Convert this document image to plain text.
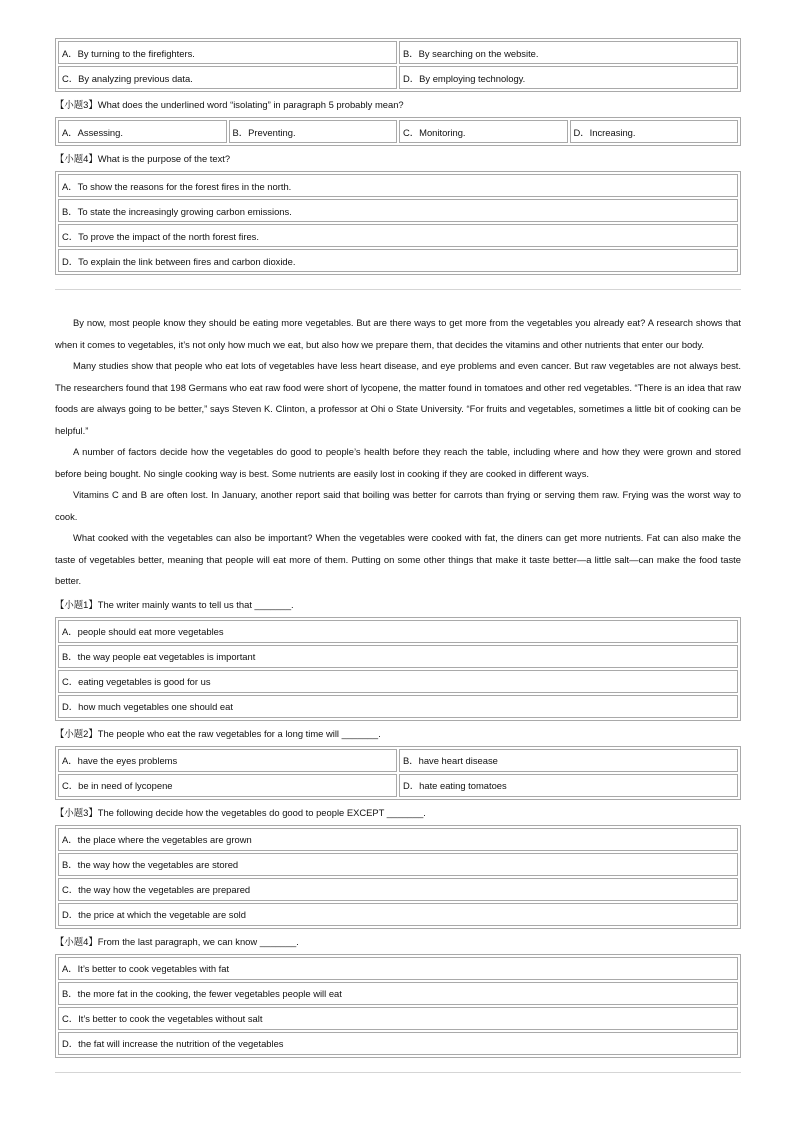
A．By turning to the firefighters.	B．By searching on the website.
C．By analyzing previous data.	D．By employing technology.
【小题3】What does the underlined word “isolating” in paragraph 5 probably mean?
A．Assessing.	B．Preventing.	C．Monitoring.	D．Increasing.
【小题4】What is the purpose of the text?
A．To show the reasons for the forest fires in the north.
B．To state the increasingly growing carbon emissions.
C．To prove the impact of the north forest fires.
D．To explain the link between fires and carbon dioxide.

By now, most people know they should be eating more vegetables. But are there ways to get more from the vegetables you already eat? A research shows that when it comes to vegetables, it’s not only how much we eat, but also how we prepare them, that decides the vitamins and other nutrients that enter our body.

Many studies show that people who eat lots of vegetables have less heart disease, and eye problems and even cancer. But raw vegetables are not always best. The researchers found that 198 Germans who eat raw food were short of lycopene, the matter found in tomatoes and other red vegetables. “There is an idea that raw foods are always going to be better,” says Steven K. Clinton, a professor at Ohi o State University. “For fruits and vegetables, sometimes a little bit of cooking can be helpful.”

A number of factors decide how the vegetables do good to people’s health before they reach the table, including where and how they were grown and stored before being bought. No single cooking way is best. Some nutrients are easily lost in cooking if they are cooked in different ways.

Vitamins C and B are often lost. In January, another report said that boiling was better for carrots than frying or serving them raw. Frying was the worst way to cook.

What cooked with the vegetables can also be important? When the vegetables were cooked with fat, the diners can get more nutrients. Fat can also make the taste of vegetables better, meaning that people will eat more of them. Putting on some other things that make it taste better—a little salt—can make the food taste better.

【小题1】The writer mainly wants to tell us that _______.
A．people should eat more vegetables
B．the way people eat vegetables is important
C．eating vegetables is good for us
D．how much vegetables one should eat
【小题2】The people who eat the raw vegetables for a long time will _______.
A．have the eyes problems	B．have heart disease
C．be in need of lycopene	D．hate eating tomatoes
【小题3】The following decide how the vegetables do good to people EXCEPT _______.
A．the place where the vegetables are grown
B．the way how the vegetables are stored
C．the way how the vegetables are prepared
D．the price at which the vegetable are sold
【小题4】From the last paragraph, we can know _______.
A．It’s better to cook vegetables with fat
B．the more fat in the cooking, the fewer vegetables people will eat
C．It’s better to cook the vegetables without salt
D．the fat will increase the nutrition of the vegetables
